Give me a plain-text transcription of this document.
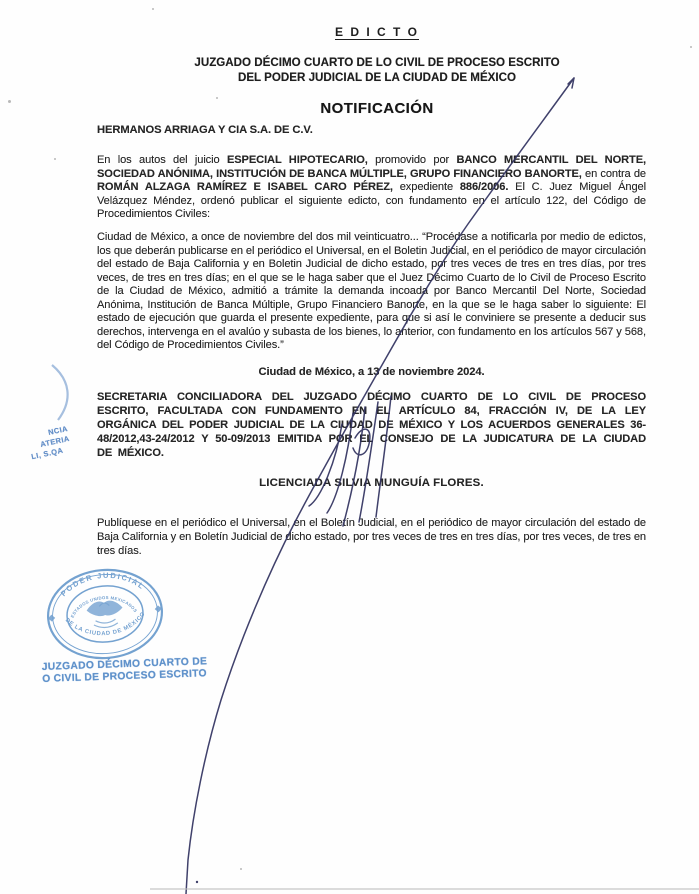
E D I C T O
JUZGADO DÉCIMO CUARTO DE LO CIVIL DE PROCESO ESCRITO
DEL PODER JUDICIAL DE LA CIUDAD DE MÉXICO
NOTIFICACIÓN
HERMANOS ARRIAGA Y CIA S.A. DE C.V.

En los autos del juicio ESPECIAL HIPOTECARIO, promovido por BANCO MERCANTIL DEL NORTE, SOCIEDAD ANÓNIMA, INSTITUCIÓN DE BANCA MÚLTIPLE, GRUPO FINANCIERO BANORTE, en contra de ROMÁN ALZAGA RAMÍREZ E ISABEL CARO PÉREZ, expediente 886/2006. El C. Juez Miguel Ángel Velázquez Méndez, ordenó publicar el siguiente edicto, con fundamento en el artículo 122, del Código de Procedimientos Civiles:

Ciudad de México, a once de noviembre del dos mil veinticuatro... “Procédase a notificarla por medio de edictos, los que deberán publicarse en el periódico el Universal, en el Boletin Judicial, en el periódico de mayor circulación del estado de Baja California y en Boletin Judicial de dicho estado, por tres veces de tres en tres días, por tres veces, de tres en tres días; en el que se le haga saber que el Juez Décimo Cuarto de lo Civil de Proceso Escrito de la Ciudad de México, admitió a trámite la demanda incoada por Banco Mercantil Del Norte, Sociedad Anónima, Institución de Banca Múltiple, Grupo Financiero Banorte, en la que se le haga saber lo siguiente: El estado de ejecución que guarda el presente expediente, para que si así le conviniere se presente a deducir sus derechos, intervenga en el avalúo y subasta de los bienes, lo anterior, con fundamento en los artículos 567 y 568, del Código de Procedimientos Civiles.”

Ciudad de México, a 13 de noviembre 2024.

SECRETARIA CONCILIADORA DEL JUZGADO DÉCIMO CUARTO DE LO CIVIL DE PROCESO ESCRITO, FACULTADA CON FUNDAMENTO EN EL ARTÍCULO 84, FRACCIÓN IV, DE LA LEY ORGÁNICA DEL PODER JUDICIAL DE LA CIUDAD DE MÉXICO Y LOS ACUERDOS GENERALES 36-48/2012,43-24/2012 Y 50-09/2013 EMITIDA POR EL CONSEJO DE LA JUDICATURA DE LA CIUDAD DE MÉXICO.

LICENCIADA SILVIA MUNGUÍA FLORES.

Publíquese en el periódico el Universal, en el Boletín Judicial, en el periódico de mayor circulación del estado de Baja California y en Boletín Judicial de dicho estado, por tres veces de tres en tres días, por tres veces, de tres en tres días.

NCIA
ATERIA
LI, S.QA
PODER JUDICIAL
DE LA CIUDAD DE MÉXICO
ESTADOS UNIDOS MEXICANOS
JUZGADO DÉCIMO CUARTO DE
O CIVIL DE PROCESO ESCRITO
